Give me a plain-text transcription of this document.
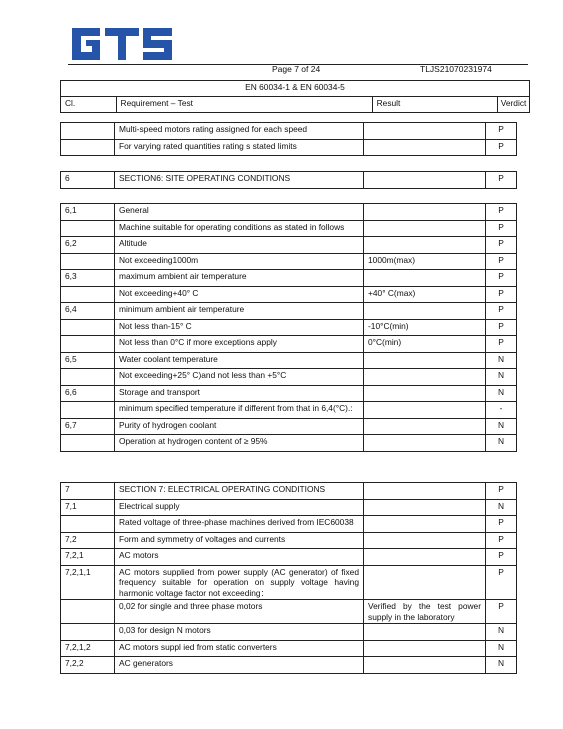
Page 7 of 24	TLJS21070231974
EN 60034-1 & EN 60034-5
Cl.	Requirement – Test	Result	Verdict
	Multi-speed motors rating assigned for each speed		P
	For varying rated quantities rating s stated limits		P
6	SECTION6: SITE OPERATING CONDITIONS		P
6,1	General		P
	Machine suitable for operating conditions as stated in follows		P
6,2	Altitude		P
	Not exceeding1000m	1000m(max)	P
6,3	maximum ambient air temperature		P
	Not exceeding+40° C	+40° C(max)	P
6,4	minimum ambient air temperature		P
	Not less than-15° C	-10°C(min)	P
	Not less than 0°C if more exceptions apply	0°C(min)	P
6,5	Water coolant temperature		N
	Not exceeding+25° C)and not less than +5°C		N
6,6	Storage and transport		N
	minimum specified temperature if different from that in 6,4(°C).:		-
6,7	Purity of hydrogen coolant		N
	Operation at hydrogen content of ≥ 95%		N
7	SECTION 7: ELECTRICAL OPERATING CONDITIONS		P
7,1	Electrical supply		N
	Rated voltage of three-phase machines derived from IEC60038		P
7,2	Form and symmetry of voltages and currents		P
7,2,1	AC motors		P
7,2,1,1	AC motors supplied from power supply (AC generator) of fixed frequency suitable for operation on supply voltage having harmonic voltage factor not exceeding：		P
	0,02 for single and three phase motors	Verified by the test power supply in the laboratory	P
	0,03 for design N motors		N
7,2,1,2	AC motors suppl ied from static converters		N
7,2,2	AC generators		N
